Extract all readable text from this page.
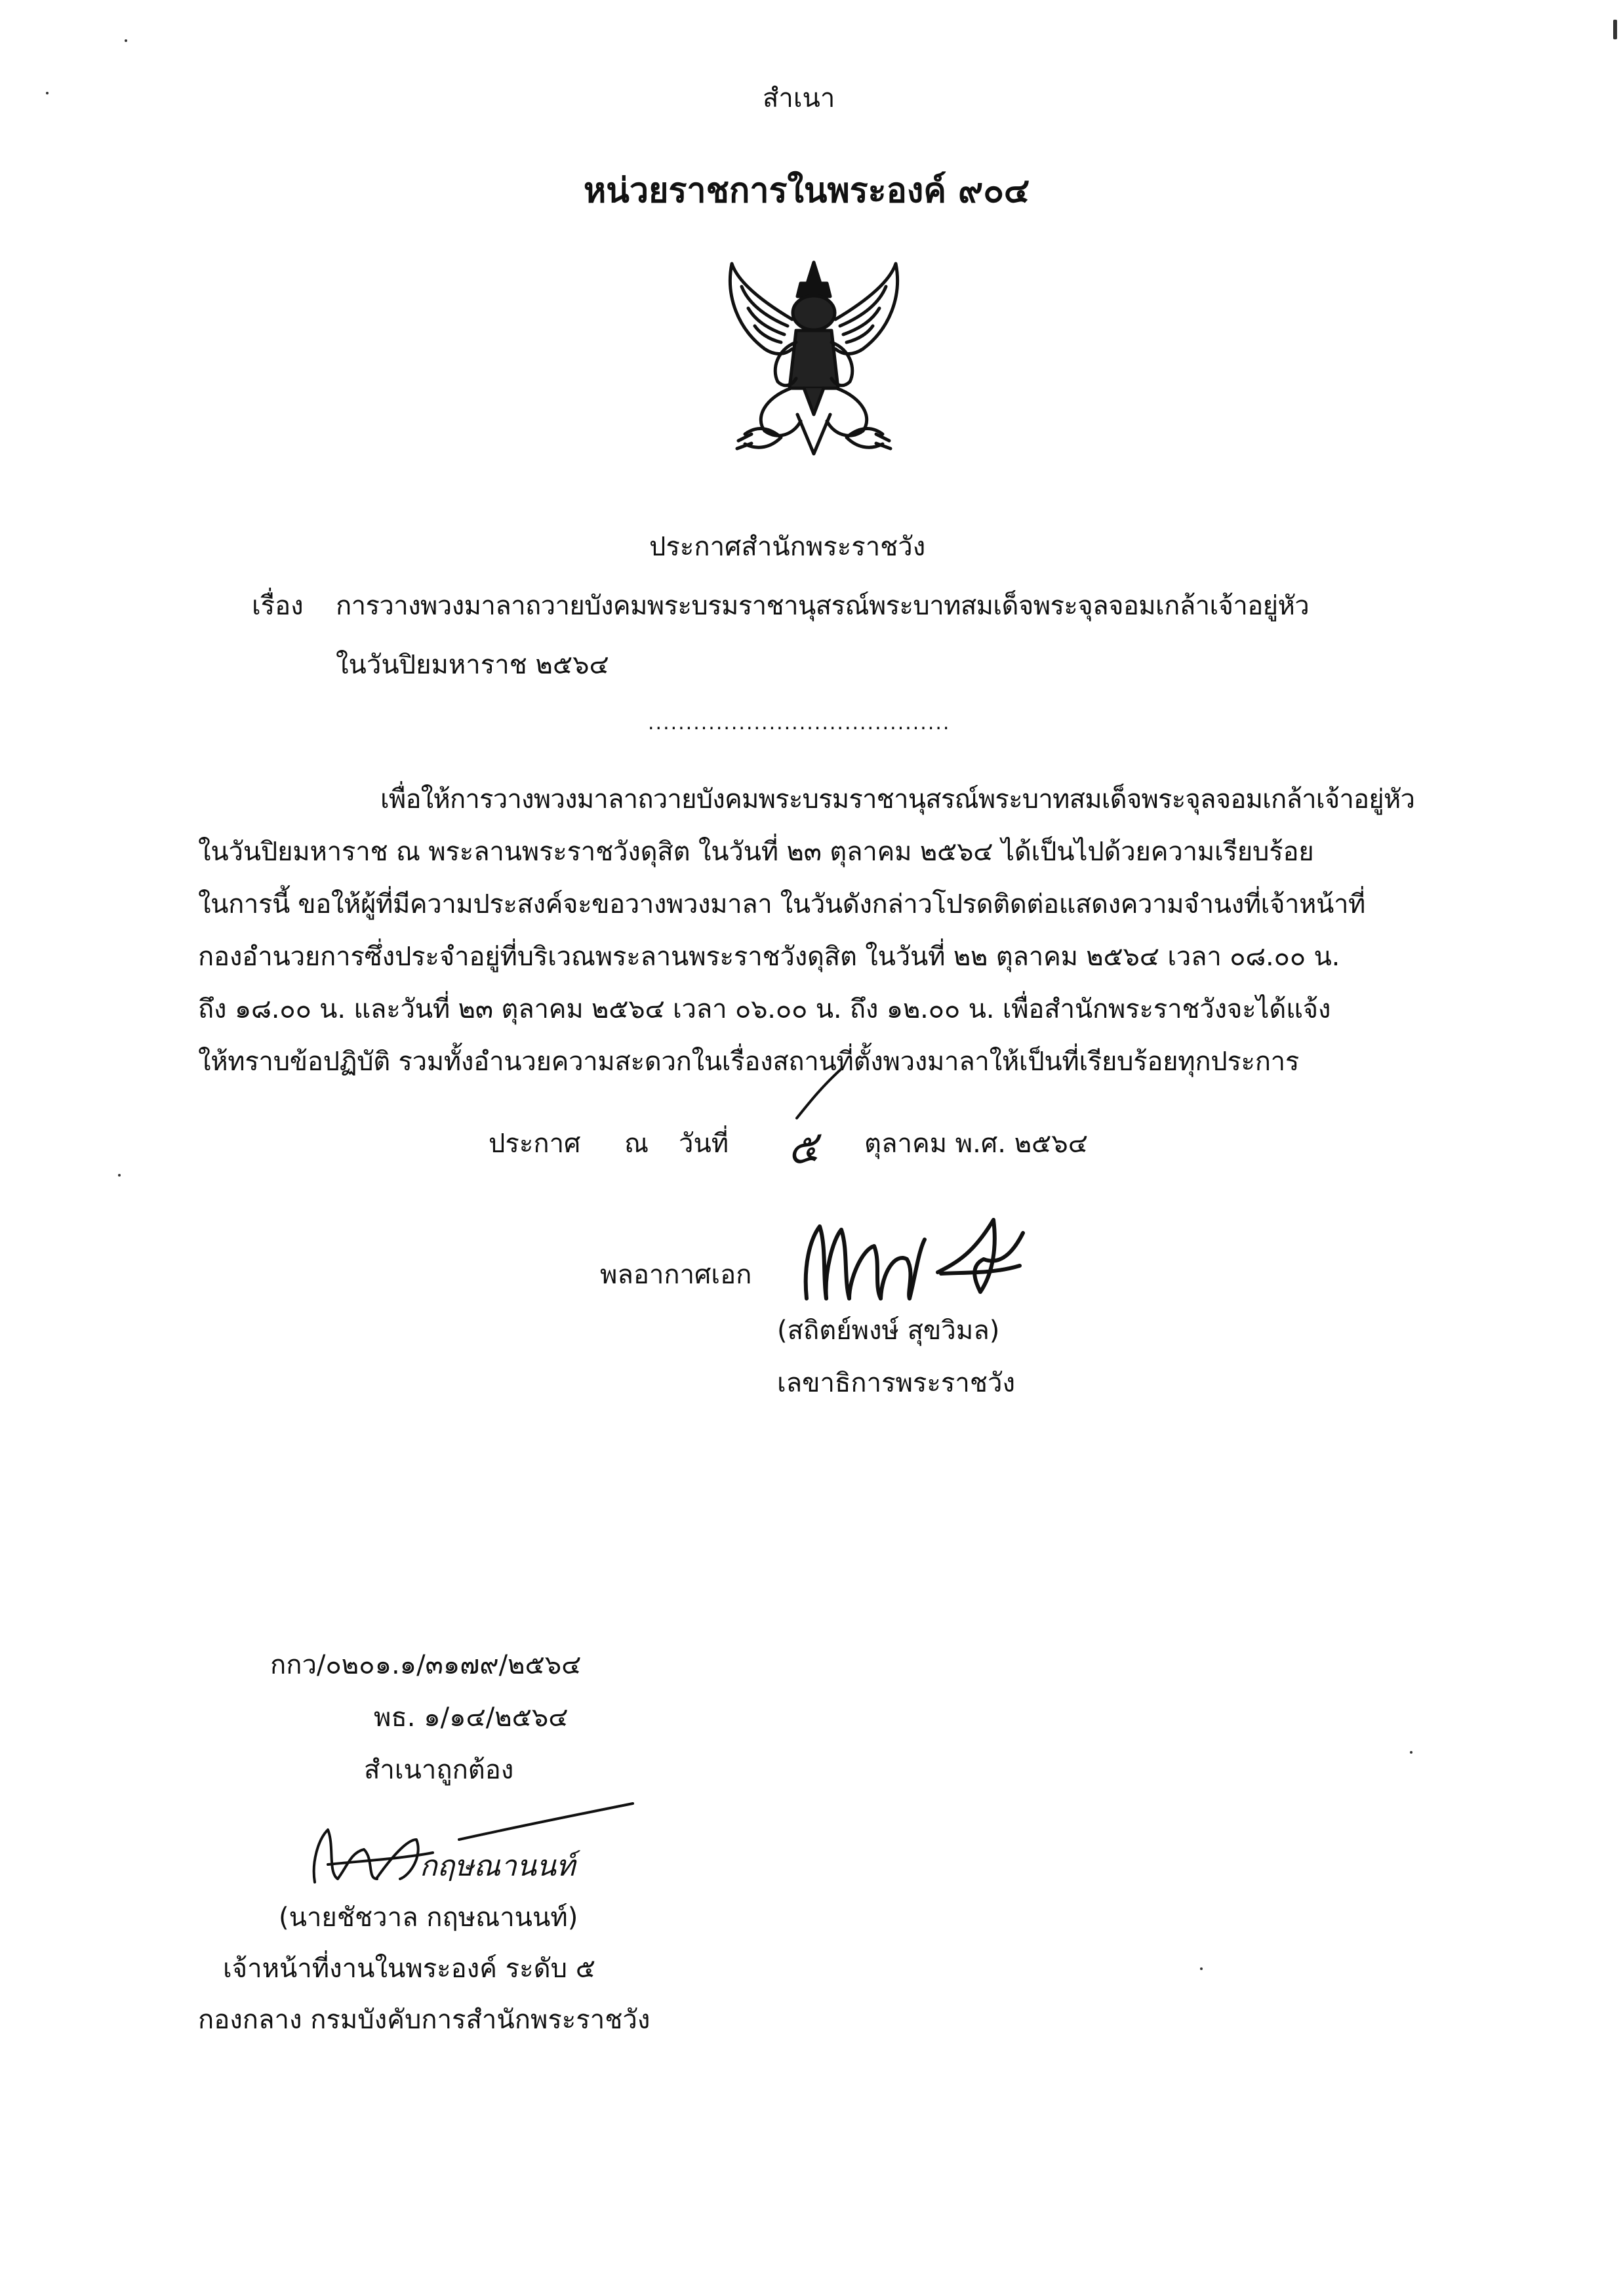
สำเนา
หน่วยราชการในพระองค์ ๙๐๔
ประกาศสำนักพระราชวัง
เรื่อง การวางพวงมาลาถวายบังคมพระบรมราชานุสรณ์พระบาทสมเด็จพระจุลจอมเกล้าเจ้าอยู่หัว
ในวันปิยมหาราช ๒๕๖๔
........................................
เพื่อให้การวางพวงมาลาถวายบังคมพระบรมราชานุสรณ์พระบาทสมเด็จพระจุลจอมเกล้าเจ้าอยู่หัว
ในวันปิยมหาราช ณ พระลานพระราชวังดุสิต ในวันที่ ๒๓ ตุลาคม ๒๕๖๔ ได้เป็นไปด้วยความเรียบร้อย
ในการนี้ ขอให้ผู้ที่มีความประสงค์จะขอวางพวงมาลา ในวันดังกล่าวโปรดติดต่อแสดงความจำนงที่เจ้าหน้าที่
กองอำนวยการซึ่งประจำอยู่ที่บริเวณพระลานพระราชวังดุสิต ในวันที่ ๒๒ ตุลาคม ๒๕๖๔ เวลา ๐๘.๐๐ น.
ถึง ๑๘.๐๐ น. และวันที่ ๒๓ ตุลาคม ๒๕๖๔ เวลา ๐๖.๐๐ น. ถึง ๑๒.๐๐ น. เพื่อสำนักพระราชวังจะได้แจ้ง
ให้ทราบข้อปฏิบัติ รวมทั้งอำนวยความสะดวกในเรื่องสถานที่ตั้งพวงมาลาให้เป็นที่เรียบร้อยทุกประการ
ประกาศ ณ วันที่ ๕ ตุลาคม พ.ศ. ๒๕๖๔
พลอากาศเอก
(สถิตย์พงษ์ สุขวิมล)
เลขาธิการพระราชวัง
กกว/๐๒๐๑.๑/๓๑๗๙/๒๕๖๔
พธ. ๑/๑๔/๒๕๖๔
สำเนาถูกต้อง
กฤษณานนท์
(นายชัชวาล กฤษณานนท์)
เจ้าหน้าที่งานในพระองค์ ระดับ ๕
กองกลาง กรมบังคับการสำนักพระราชวัง
